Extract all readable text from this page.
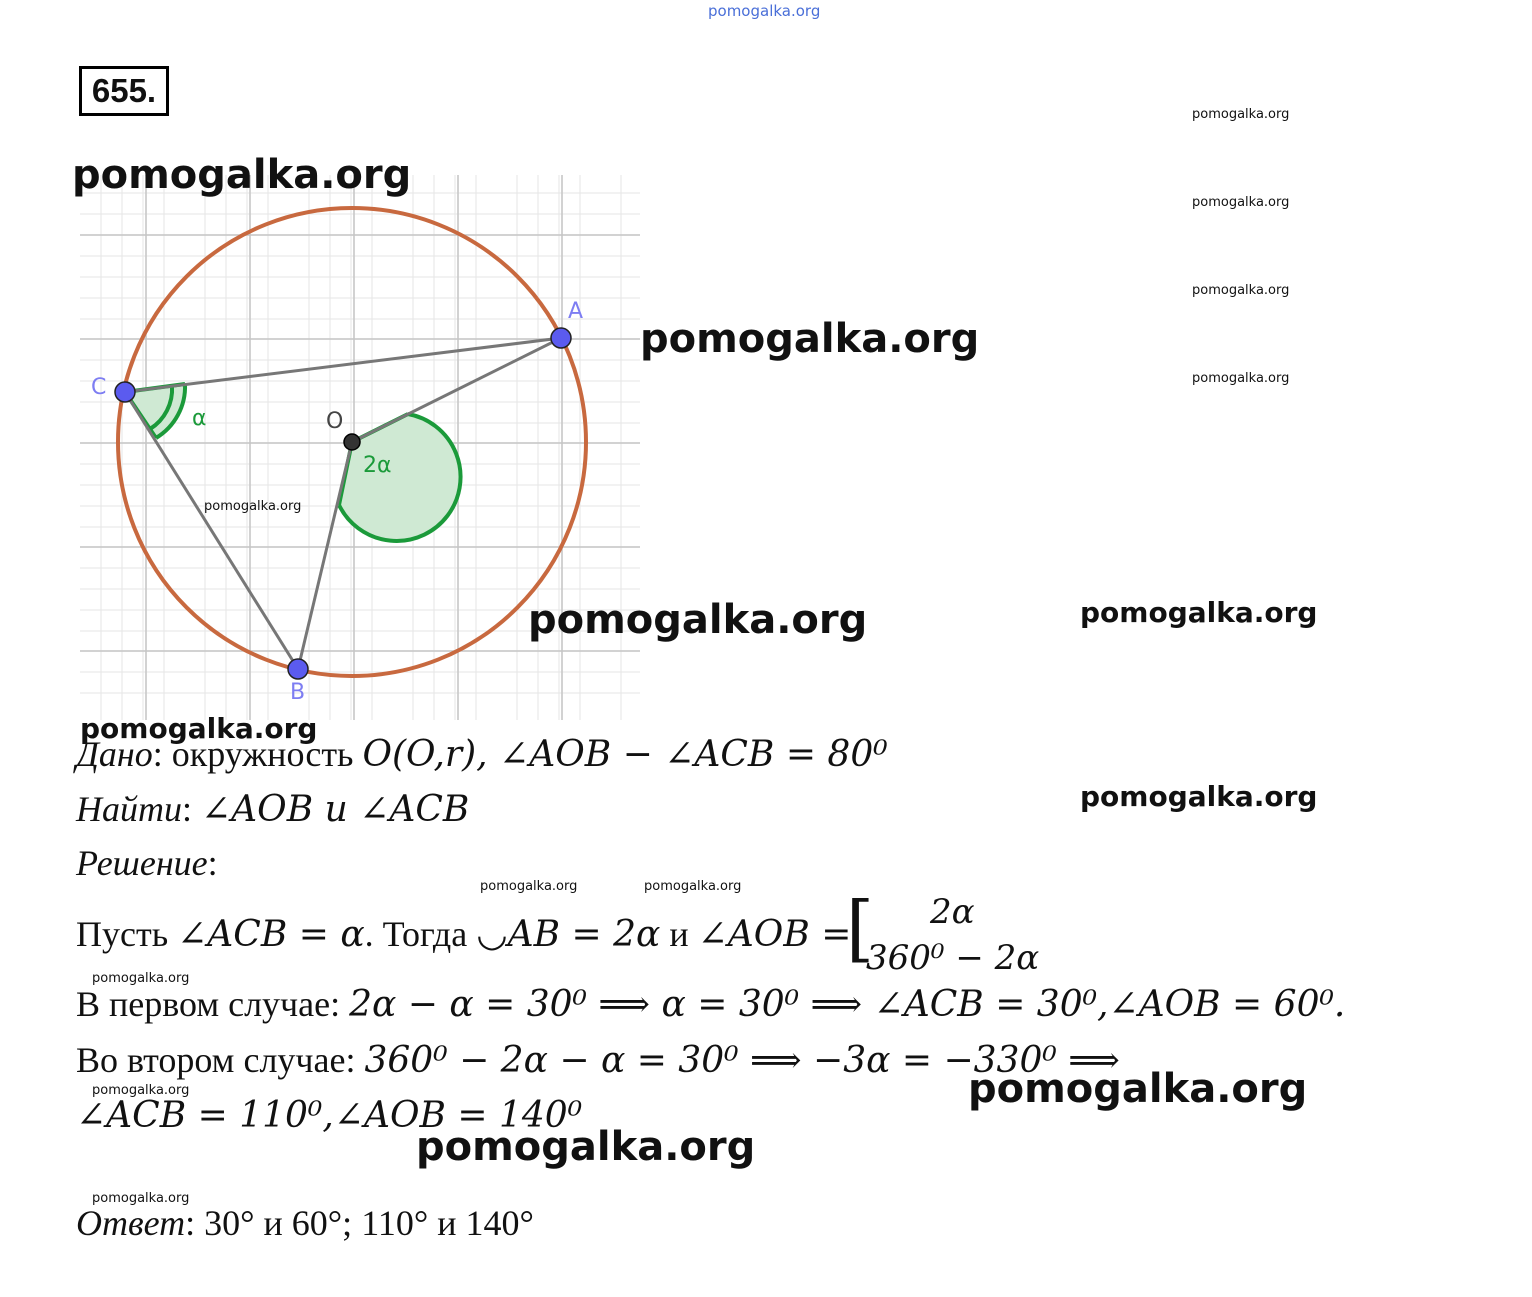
pomogalka.org
655.
A
C
B
O
α
2α
pomogalka.org
pomogalka.org
pomogalka.org
pomogalka.org
pomogalka.org
pomogalka.org
pomogalka.org
pomogalka.org
pomogalka.org
pomogalka.org
pomogalka.org
pomogalka.org
pomogalka.org
pomogalka.org	pomogalka.org
pomogalka.org
pomogalka.org
pomogalka.org
Дано: окружность O(O,r), ∠AOB − ∠ACB = 80⁰
Найти: ∠AOB и ∠ACB
Решение:
Пусть ∠ACB = α. Тогда ◡AB = 2α и ∠AOB =
[ 2α
360⁰ − 2α
В первом случае: 2α − α = 30⁰ ⟹ α = 30⁰ ⟹ ∠ACB = 30⁰,∠AOB = 60⁰.
Во втором случае: 360⁰ − 2α − α = 30⁰ ⟹ −3α = −330⁰ ⟹
∠ACB = 110⁰,∠AOB = 140⁰
Ответ: 30° и 60°; 110° и 140°
